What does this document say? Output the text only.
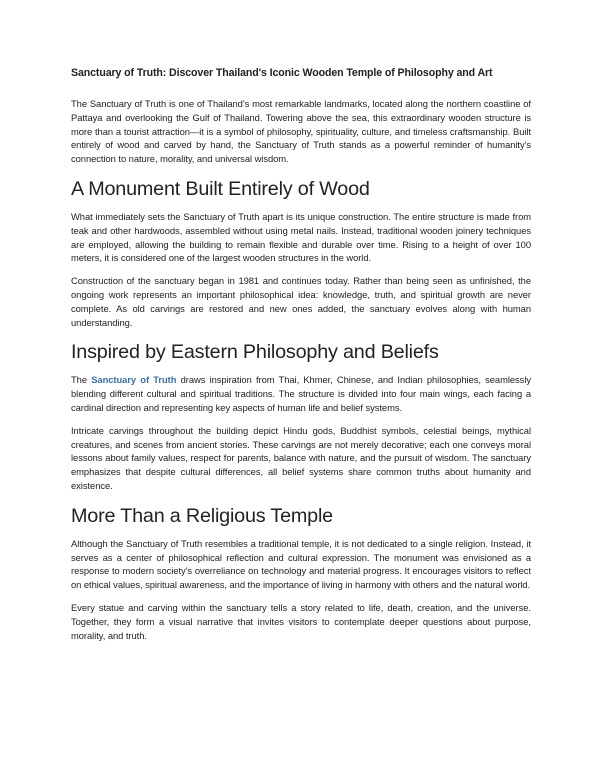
Sanctuary of Truth: Discover Thailand's Iconic Wooden Temple of Philosophy and Art

The Sanctuary of Truth is one of Thailand's most remarkable landmarks, located along the northern coastline of Pattaya and overlooking the Gulf of Thailand. Towering above the sea, this extraordinary wooden structure is more than a tourist attraction—it is a symbol of philosophy, spirituality, culture, and timeless craftsmanship. Built entirely of wood and carved by hand, the Sanctuary of Truth stands as a powerful reminder of humanity's connection to nature, morality, and universal wisdom.

A Monument Built Entirely of Wood

What immediately sets the Sanctuary of Truth apart is its unique construction. The entire structure is made from teak and other hardwoods, assembled without using metal nails. Instead, traditional wooden joinery techniques are employed, allowing the building to remain flexible and durable over time. Rising to a height of over 100 meters, it is considered one of the largest wooden structures in the world.

Construction of the sanctuary began in 1981 and continues today. Rather than being seen as unfinished, the ongoing work represents an important philosophical idea: knowledge, truth, and spiritual growth are never complete. As old carvings are restored and new ones added, the sanctuary evolves along with human understanding.

Inspired by Eastern Philosophy and Beliefs

The Sanctuary of Truth draws inspiration from Thai, Khmer, Chinese, and Indian philosophies, seamlessly blending different cultural and spiritual traditions. The structure is divided into four main wings, each facing a cardinal direction and representing key aspects of human life and belief systems.

Intricate carvings throughout the building depict Hindu gods, Buddhist symbols, celestial beings, mythical creatures, and scenes from ancient stories. These carvings are not merely decorative; each one conveys moral lessons about family values, respect for parents, balance with nature, and the pursuit of wisdom. The sanctuary emphasizes that despite cultural differences, all belief systems share common truths about humanity and existence.

More Than a Religious Temple

Although the Sanctuary of Truth resembles a traditional temple, it is not dedicated to a single religion. Instead, it serves as a center of philosophical reflection and cultural expression. The monument was envisioned as a response to modern society's overreliance on technology and material progress. It encourages visitors to reflect on ethical values, spiritual awareness, and the importance of living in harmony with others and the natural world.

Every statue and carving within the sanctuary tells a story related to life, death, creation, and the universe. Together, they form a visual narrative that invites visitors to contemplate deeper questions about purpose, morality, and truth.
